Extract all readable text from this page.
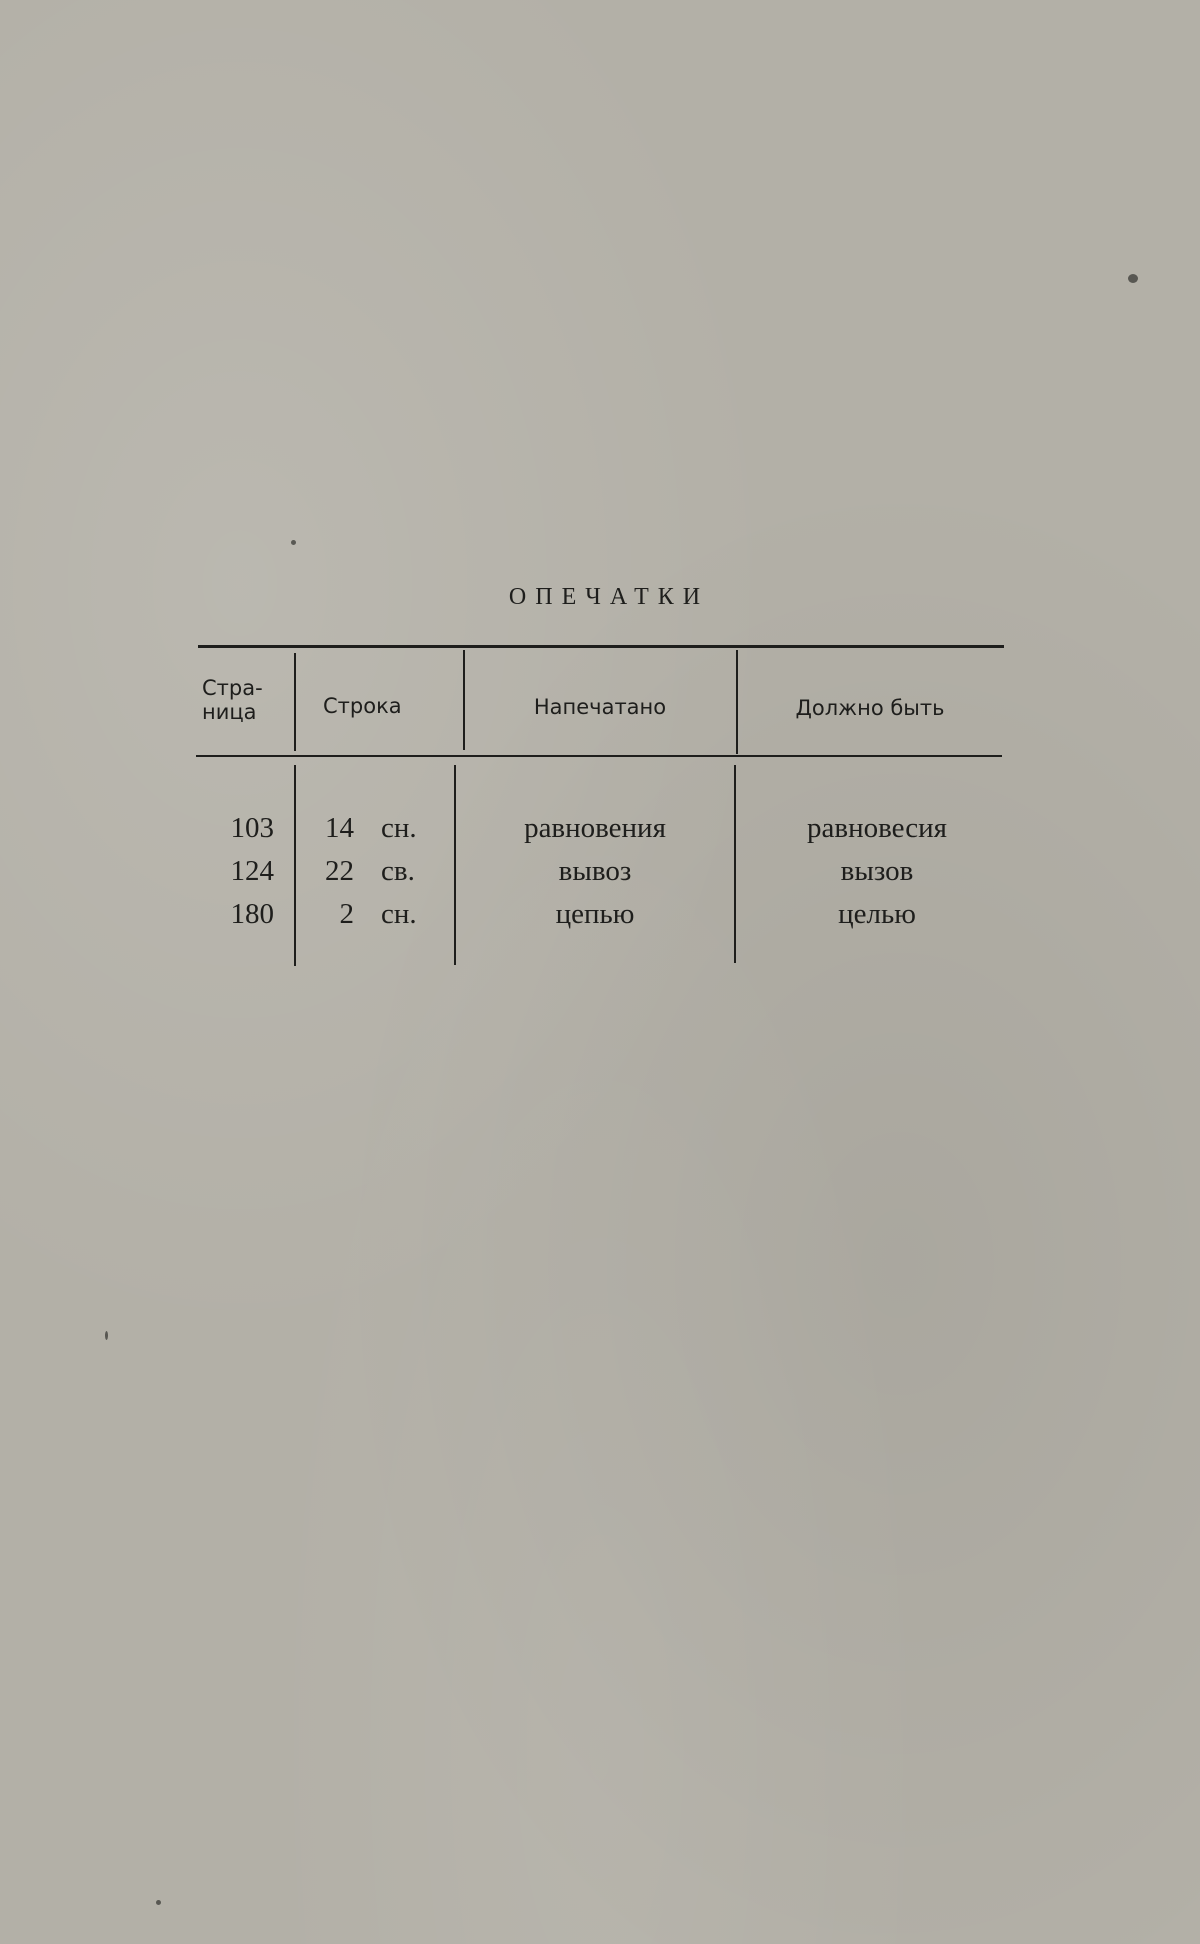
ОПЕЧАТКИ
Стра-
ница	Строка	Напечатано	Должно быть
103	14 сн.	равновения	равновесия
124	22 св.	вывоз	вызов
180	2 сн.	цепью	целью
